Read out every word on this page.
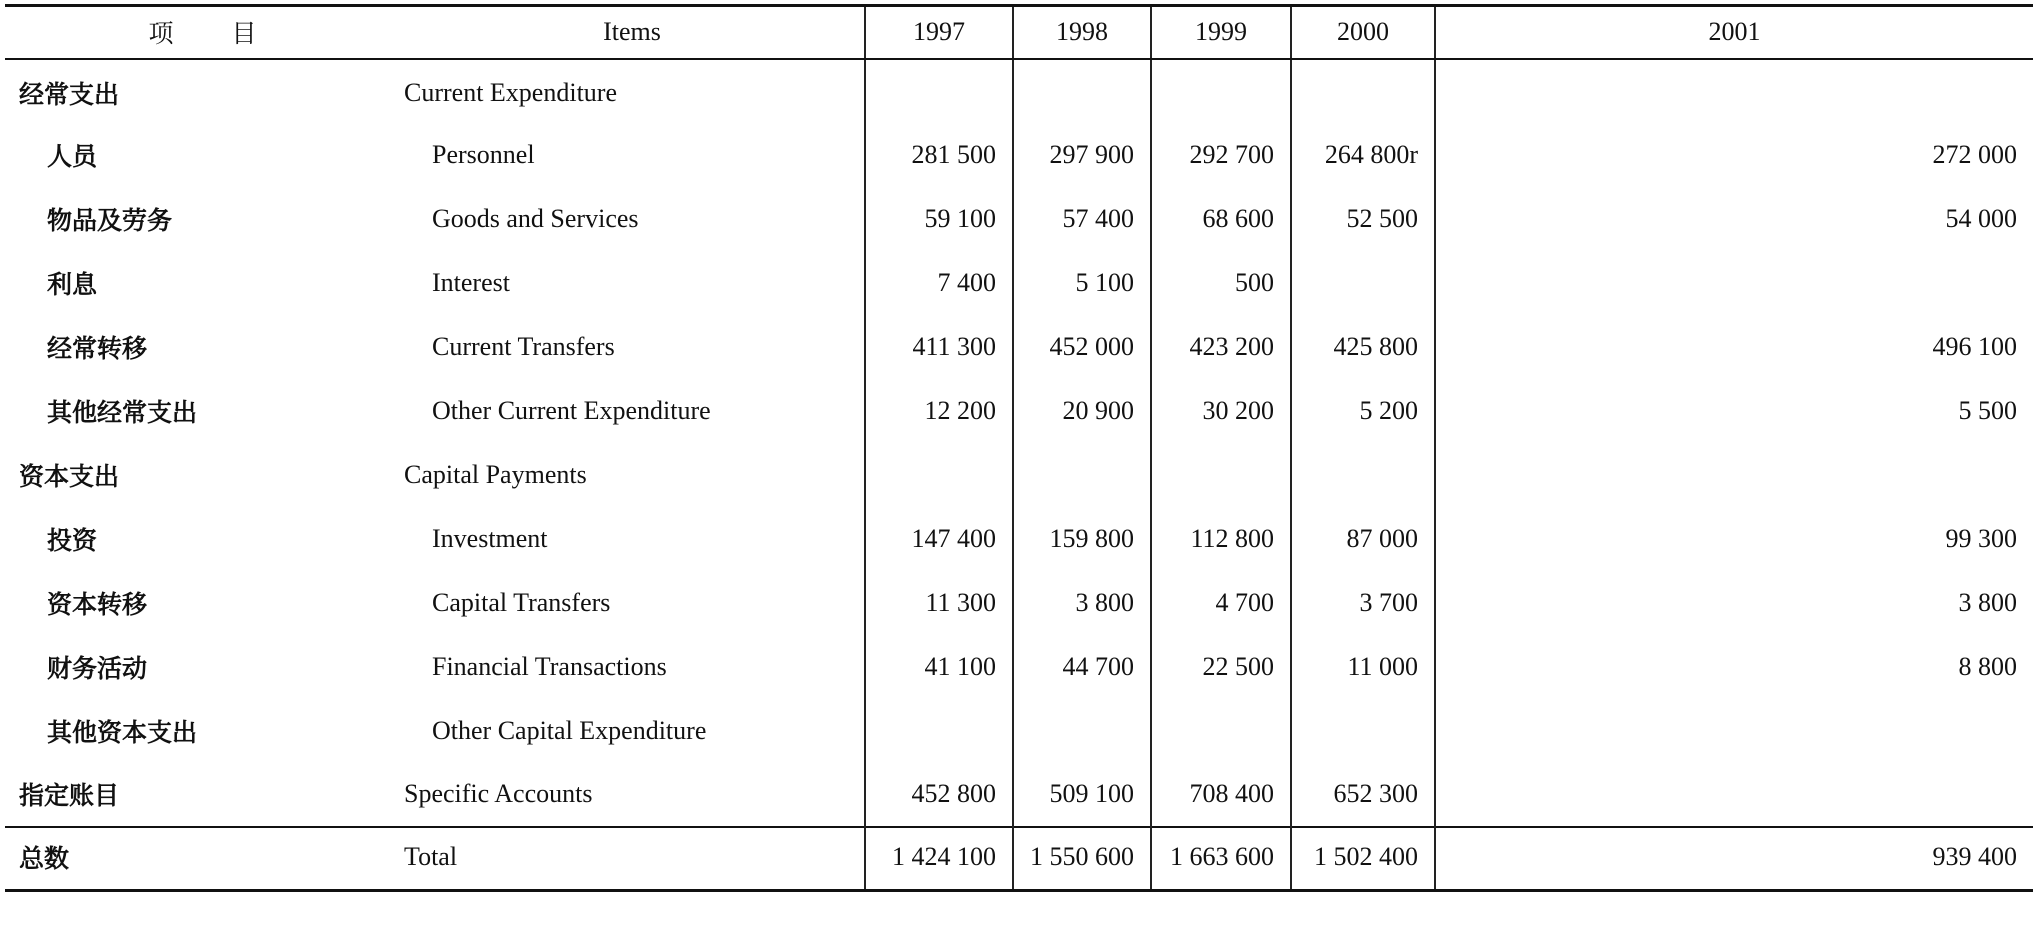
项 目	Items	1997	1998	1999	2000	2001
经常支出	Current Expenditure					
人员	Personnel	281 500	297 900	292 700	264 800r	272 000
物品及劳务	Goods and Services	59 100	57 400	68 600	52 500	54 000
利息	Interest	7 400	5 100	500		
经常转移	Current Transfers	411 300	452 000	423 200	425 800	496 100
其他经常支出	Other Current Expenditure	12 200	20 900	30 200	5 200	5 500
资本支出	Capital Payments					
投资	Investment	147 400	159 800	112 800	87 000	99 300
资本转移	Capital Transfers	11 300	3 800	4 700	3 700	3 800
财务活动	Financial Transactions	41 100	44 700	22 500	11 000	8 800
其他资本支出	Other Capital Expenditure					
指定账目	Specific Accounts	452 800	509 100	708 400	652 300	
总数	Total	1 424 100	1 550 600	1 663 600	1 502 400	939 400
